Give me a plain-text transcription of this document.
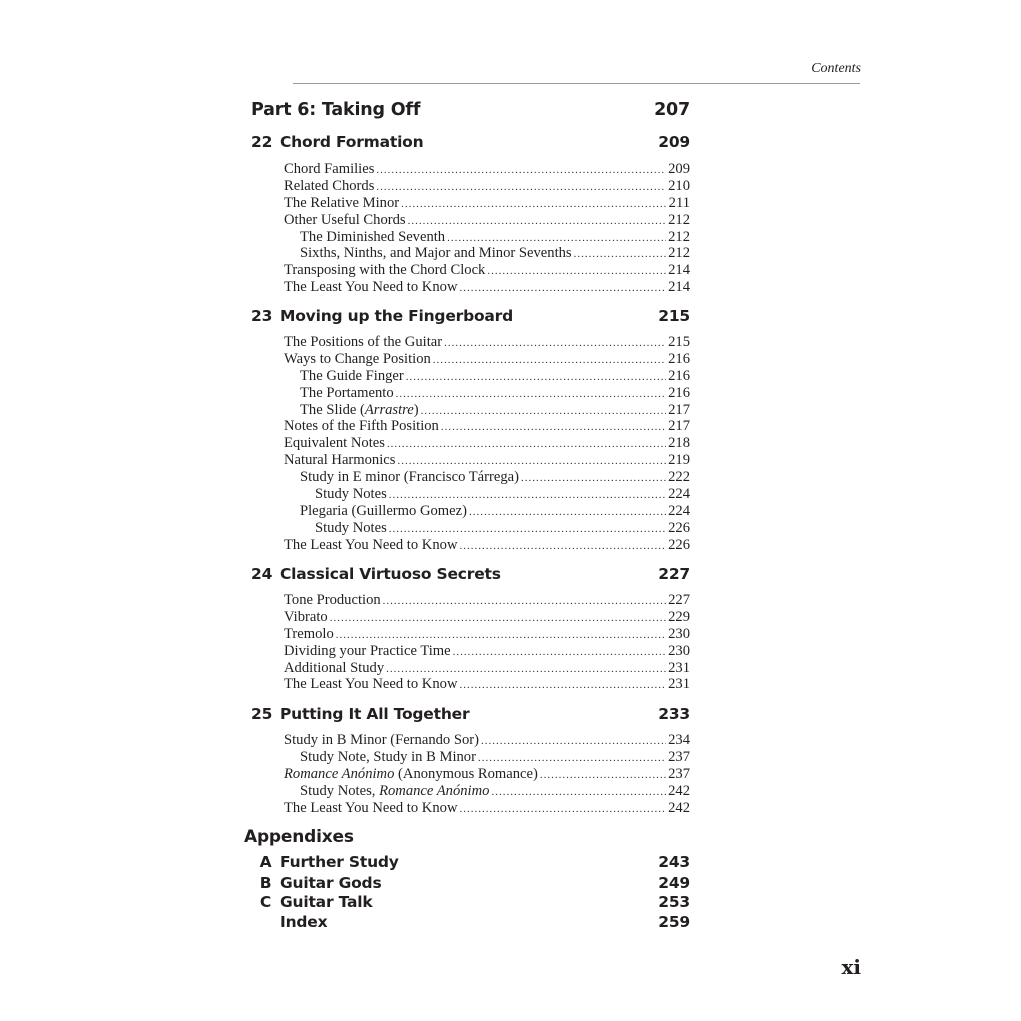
Contents
Part 6: Taking Off	207
22 Chord Formation	209
Chord Families .....	209
Related Chords .....	210
The Relative Minor .....	211
Other Useful Chords .....	212
The Diminished Seventh .....	212
Sixths, Ninths, and Major and Minor Sevenths .....	212
Transposing with the Chord Clock .....	214
The Least You Need to Know .....	214
23 Moving up the Fingerboard	215
The Positions of the Guitar .....	215
Ways to Change Position .....	216
The Guide Finger .....	216
The Portamento .....	216
The Slide (Arrastre) .....	217
Notes of the Fifth Position .....	217
Equivalent Notes .....	218
Natural Harmonics .....	219
Study in E minor (Francisco Tárrega) .....	222
Study Notes .....	224
Plegaria (Guillermo Gomez) .....	224
Study Notes .....	226
The Least You Need to Know .....	226
24 Classical Virtuoso Secrets	227
Tone Production .....	227
Vibrato .....	229
Tremolo .....	230
Dividing your Practice Time .....	230
Additional Study .....	231
The Least You Need to Know .....	231
25 Putting It All Together	233
Study in B Minor (Fernando Sor) .....	234
Study Note, Study in B Minor .....	237
Romance Anónimo (Anonymous Romance) .....	237
Study Notes, Romance Anónimo .....	242
The Least You Need to Know .....	242
Appendixes
A Further Study	243
B Guitar Gods	249
C Guitar Talk	253
Index	259
xi
